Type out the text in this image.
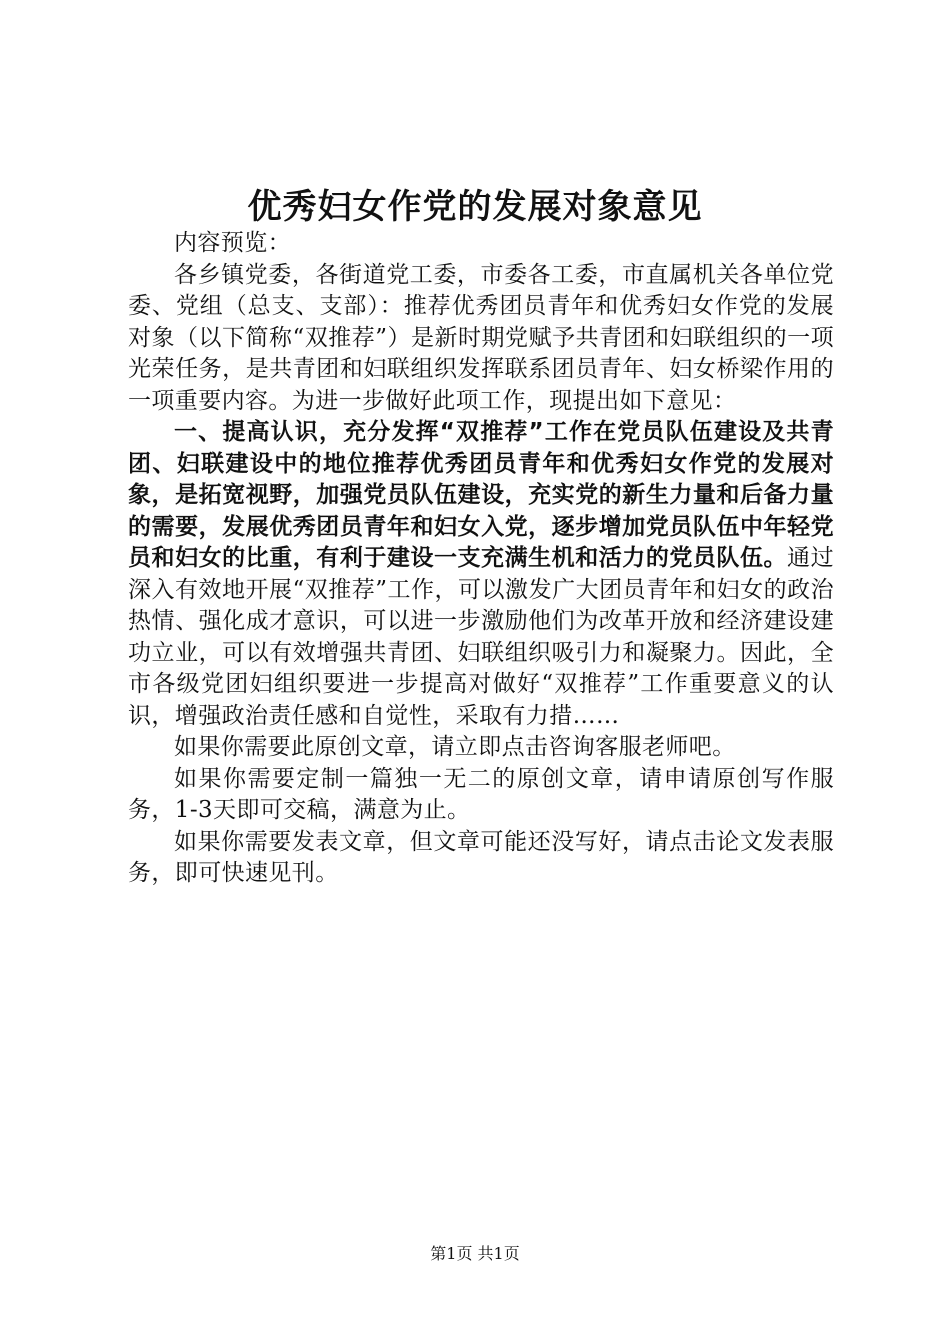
优秀妇女作党的发展对象意见

内容预览：

各乡镇党委，各街道党工委，市委各工委，市直属机关各单位党委、党组（总支、支部）：推荐优秀团员青年和优秀妇女作党的发展对象（以下简称“双推荐”）是新时期党赋予共青团和妇联组织的一项光荣任务，是共青团和妇联组织发挥联系团员青年、妇女桥梁作用的一项重要内容。为进一步做好此项工作，现提出如下意见：

一、提高认识，充分发挥“双推荐”工作在党员队伍建设及共青团、妇联建设中的地位推荐优秀团员青年和优秀妇女作党的发展对象，是拓宽视野，加强党员队伍建设，充实党的新生力量和后备力量的需要，发展优秀团员青年和妇女入党，逐步增加党员队伍中年轻党员和妇女的比重，有利于建设一支充满生机和活力的党员队伍。通过深入有效地开展“双推荐”工作，可以激发广大团员青年和妇女的政治热情、强化成才意识，可以进一步激励他们为改革开放和经济建设建功立业，可以有效增强共青团、妇联组织吸引力和凝聚力。因此，全市各级党团妇组织要进一步提高对做好“双推荐”工作重要意义的认识，增强政治责任感和自觉性，采取有力措……

如果你需要此原创文章，请立即点击咨询客服老师吧。

如果你需要定制一篇独一无二的原创文章，请申请原创写作服务，1-3天即可交稿，满意为止。

如果你需要发表文章，但文章可能还没写好，请点击论文发表服务，即可快速见刊。

第1页 共1页
